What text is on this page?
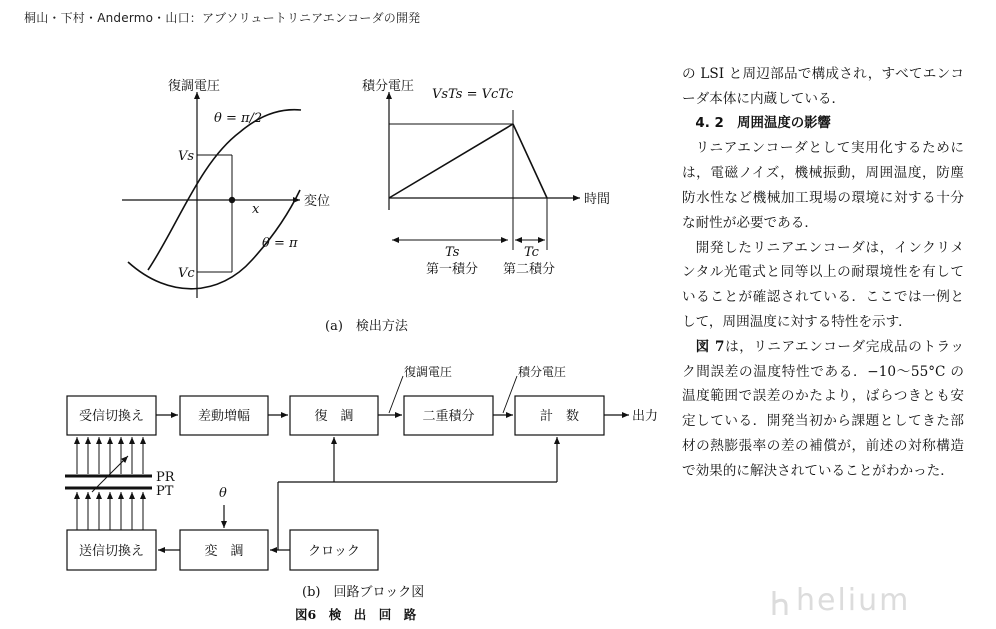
桐山・下村・Andermo・山口：アブソリュートリニアエンコーダの開発
復調電圧
変位
θ = π/2
θ = π
Vs
Vc
x
積分電圧
時間
VsTs = VcTc
Ts	Tc
第一積分 第二積分
(a)　検出方法
受信切換え	差動増幅	復　調	二重積分	計　数	出力
復調電圧	積分電圧
PR
PT
送信切換え	変　調	クロック
θ
(b)　回路ブロック図
図6　検　出　回　路

の LSI と周辺部品で構成され，すべてエンコーダ本体に内蔵している．

4. 2　周囲温度の影響

リニアエンコーダとして実用化するためには，電磁ノイズ，機械振動，周囲温度，防塵防水性など機械加工現場の環境に対する十分な耐性が必要である．

開発したリニアエンコーダは，インクリメンタル光電式と同等以上の耐環境性を有していることが確認されている．ここでは一例として，周囲温度に対する特性を示す．

図 7は，リニアエンコーダ完成品のトラック間誤差の温度特性である．−10～55°C の温度範囲で誤差のかたより，ばらつきとも安定している．開発当初から課題としてきた部材の熱膨張率の差の補償が，前述の対称構造で効果的に解決されていることがわかった．

helium
